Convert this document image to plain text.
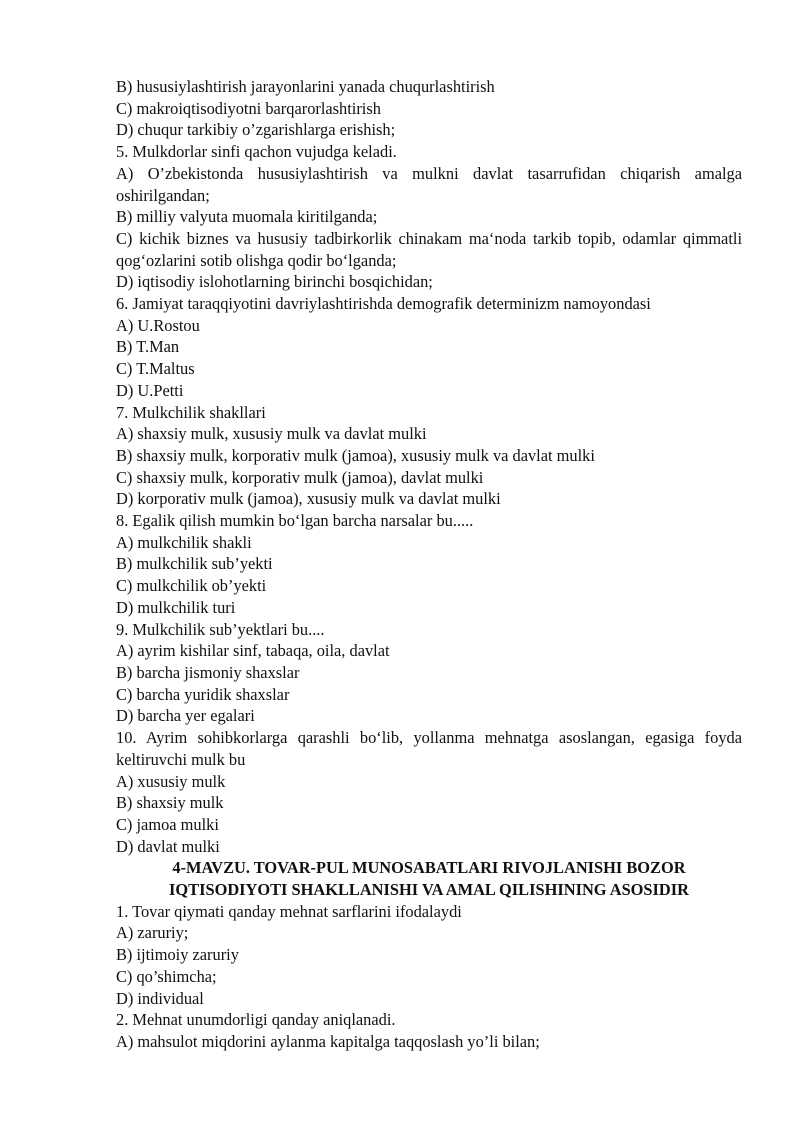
B) hususiylashtirish jarayonlarini yanada chuqurlashtirish

C) makroiqtisodiyotni barqarorlashtirish

D) chuqur tarkibiy o’zgarishlarga erishish;

5. Mulkdorlar sinfi qachon vujudga keladi.

A) O’zbekistonda hususiylashtirish va mulkni davlat tasarrufidan chiqarish amalga oshirilgandan;

B) milliy valyuta muomala kiritilganda;

C) kichik biznes va hususiy tadbirkorlik chinakam ma‘noda tarkib topib, odamlar qimmatli qog‘ozlarini sotib olishga qodir bo‘lganda;

D) iqtisodiy islohotlarning birinchi bosqichidan;

6. Jamiyat taraqqiyotini davriylashtirishda demografik determinizm namoyondasi

A) U.Rostou

B) T.Man

C) T.Maltus

D) U.Petti

7. Mulkchilik shakllari

A) shaxsiy mulk, xususiy mulk va davlat mulki

B) shaxsiy mulk, korporativ mulk (jamoa), xususiy mulk va davlat mulki

C) shaxsiy mulk, korporativ mulk (jamoa), davlat mulki

D) korporativ mulk (jamoa), xususiy mulk va davlat mulki

8. Egalik qilish mumkin bo‘lgan barcha narsalar bu.....

A) mulkchilik shakli

B) mulkchilik sub’yekti

C) mulkchilik ob’yekti

D) mulkchilik turi

9. Mulkchilik sub’yektlari bu....

A) ayrim kishilar sinf, tabaqa, oila, davlat

B) barcha jismoniy shaxslar

C) barcha yuridik shaxslar

D) barcha yer egalari

10. Ayrim sohibkorlarga qarashli bo‘lib, yollanma mehnatga asoslangan, egasiga foyda keltiruvchi mulk bu

A) xususiy mulk

B) shaxsiy mulk

C) jamoa mulki

D) davlat mulki

4-MAVZU. TOVAR-PUL MUNOSABATLARI RIVOJLANISHI BOZOR IQTISODIYOTI SHAKLLANISHI VA AMAL QILISHINING ASOSIDIR

1. Tovar qiymati qanday mehnat sarflarini ifodalaydi

A) zaruriy;

B) ijtimoiy zaruriy

C) qo’shimcha;

D) individual

2. Mehnat unumdorligi qanday aniqlanadi.

A) mahsulot miqdorini aylanma kapitalga taqqoslash yo’li bilan;
